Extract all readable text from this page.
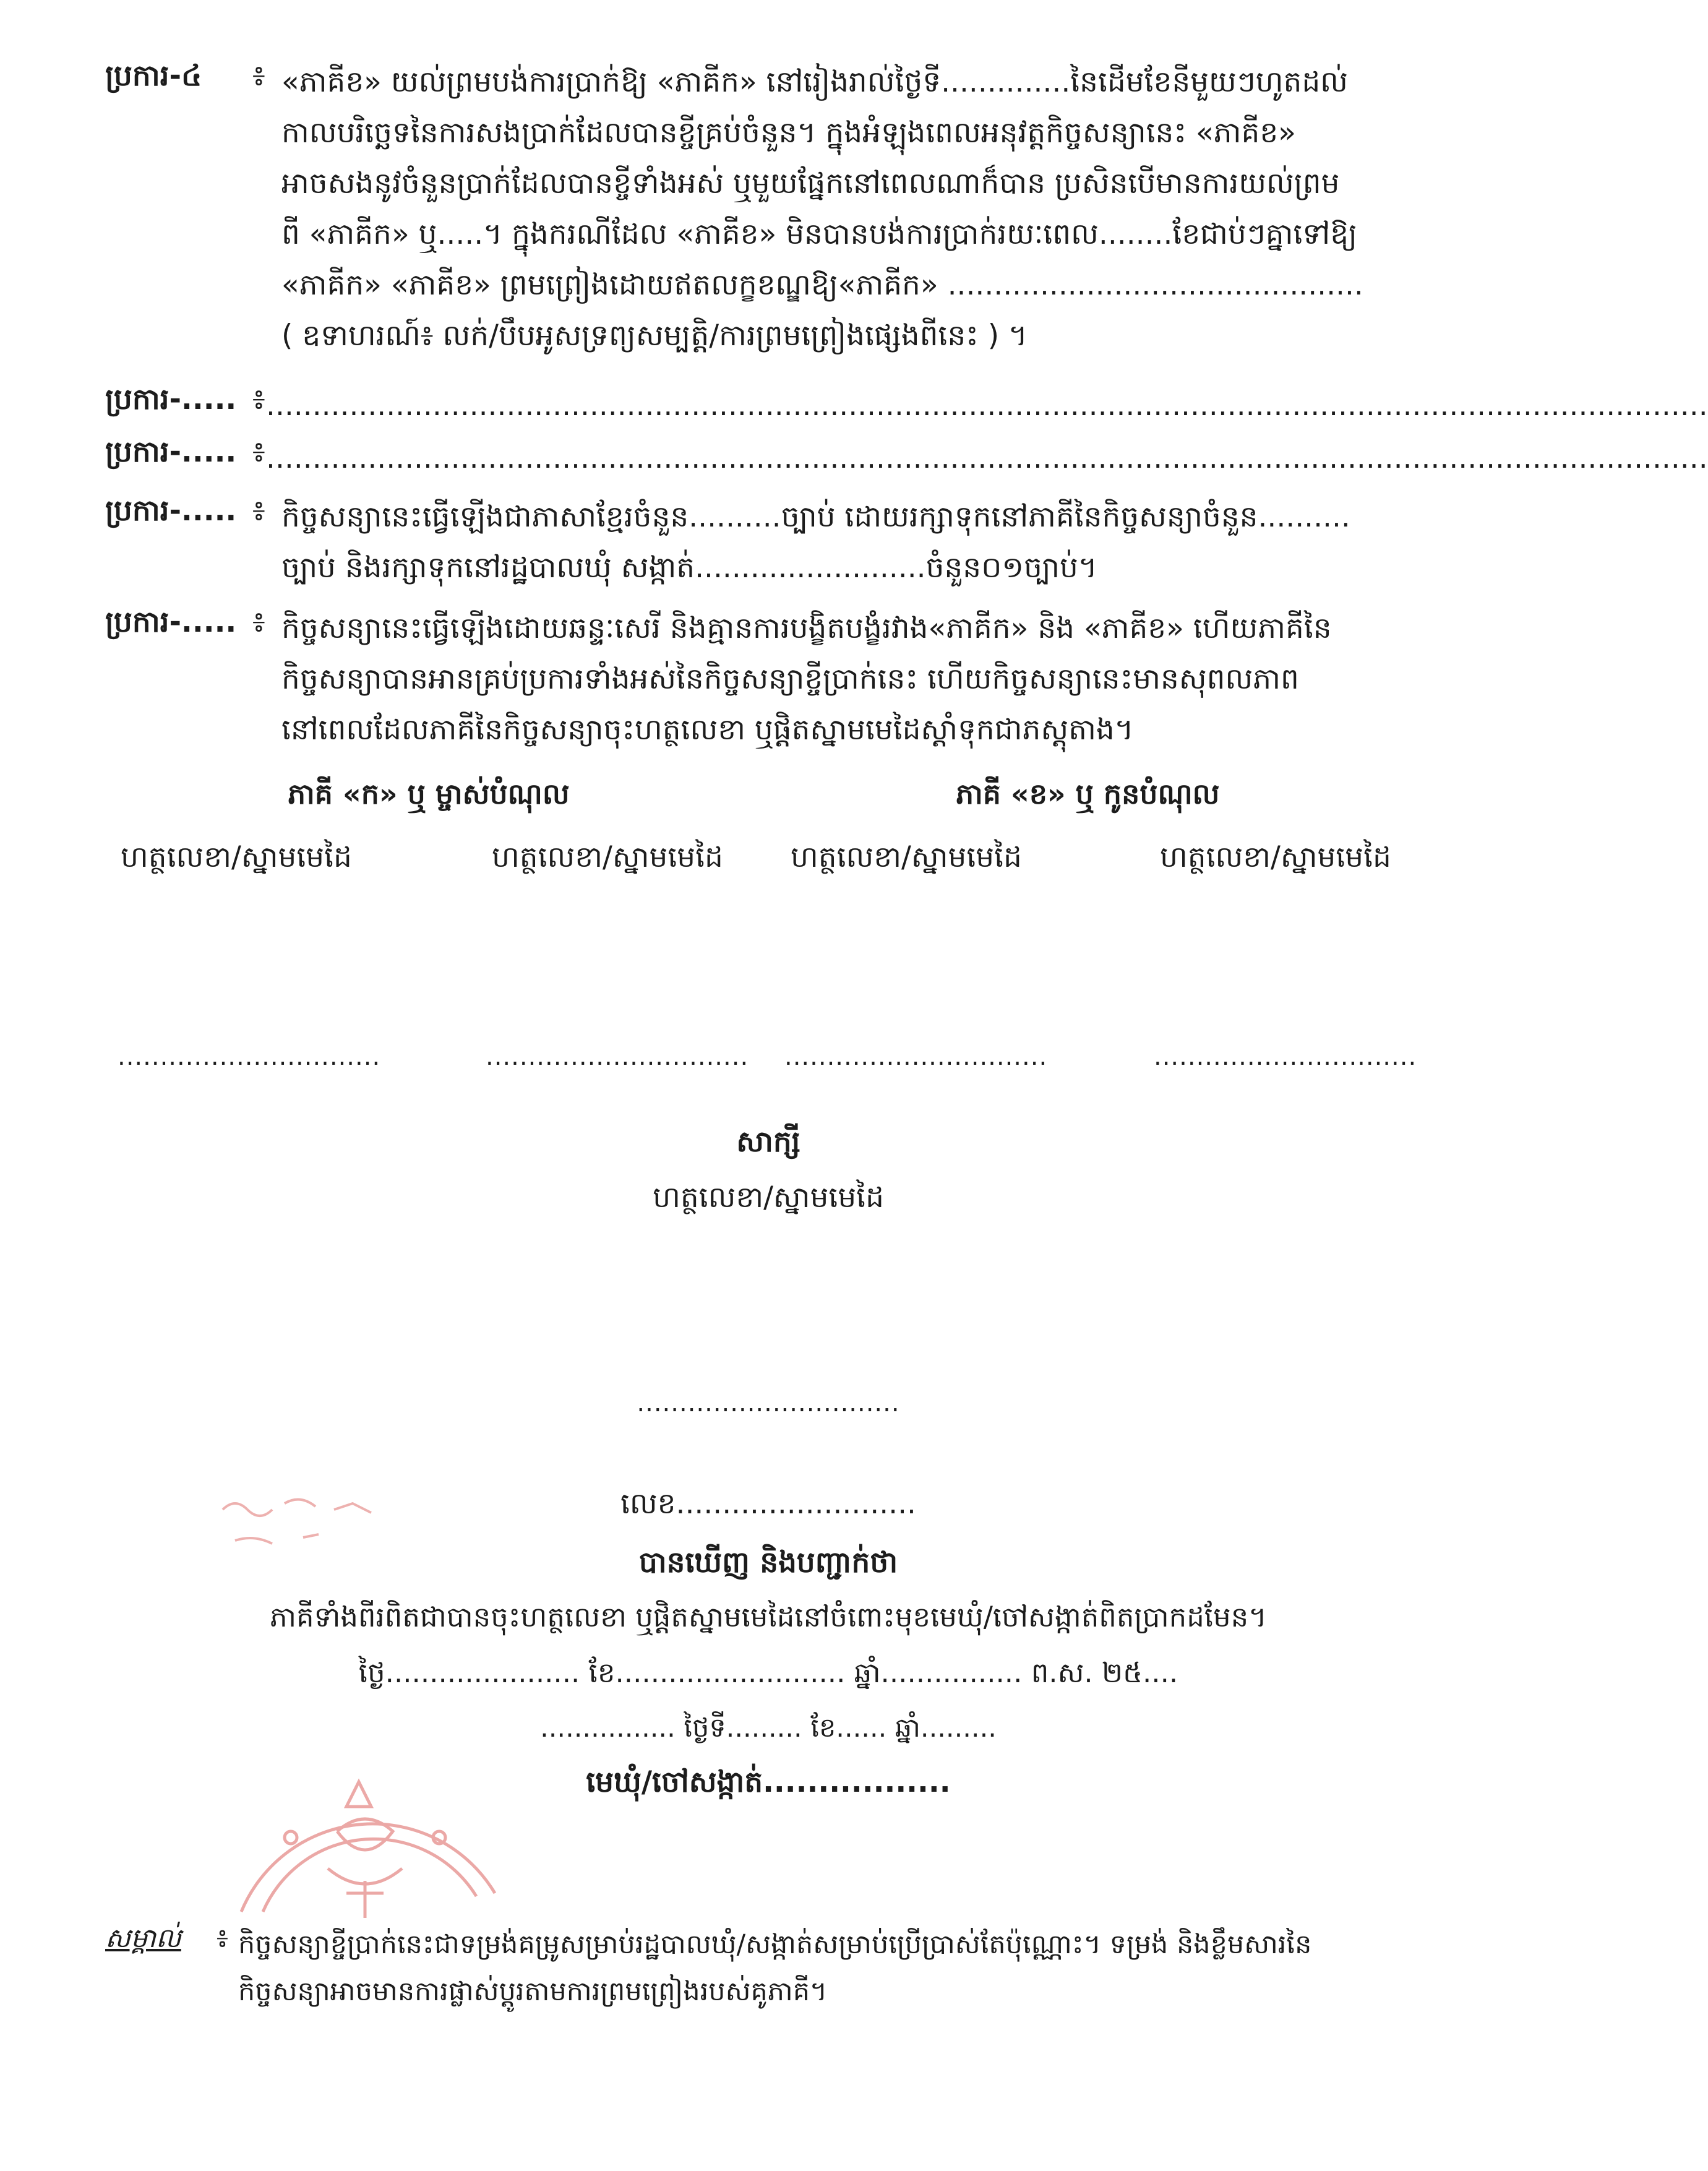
ប្រការ-៤	៖ «ភាគីខ» យល់ព្រមបង់ការប្រាក់ឱ្យ «ភាគីក» នៅរៀងរាល់ថ្ងៃទី..............នៃដើមខែនីមួយៗហូតដល់
កាលបរិច្ឆេទនៃការសងប្រាក់ដែលបានខ្ចីគ្រប់ចំនួន។ ក្នុងអំឡុងពេលអនុវត្តកិច្ចសន្យានេះ «ភាគីខ»
អាចសងនូវចំនួនប្រាក់ដែលបានខ្ចីទាំងអស់ ឬមួយផ្នែកនៅពេលណាក៏បាន ប្រសិនបើមានការយល់ព្រម
ពី «ភាគីក» ឬ.....។ ក្នុងករណីដែល «ភាគីខ» មិនបានបង់ការប្រាក់រយៈពេល........ខែជាប់ៗគ្នាទៅឱ្យ
«ភាគីក» «ភាគីខ» ព្រមព្រៀងដោយឥតលក្ខខណ្ឌឱ្យ«ភាគីក» .............................................
( ឧទាហរណ៍៖ លក់/បឹបអូសទ្រព្យសម្បត្តិ/ការព្រមព្រៀងផ្សេងពីនេះ ) ។
ប្រការ-..... ៖ ............................................................................................................................................................
ប្រការ-..... ៖ ............................................................................................................................................................
ប្រការ-..... ៖ កិច្ចសន្យានេះធ្វើឡើងជាភាសាខ្មែរចំនួន..........ច្បាប់ ដោយរក្សាទុកនៅភាគីនៃកិច្ចសន្យាចំនួន..........
ច្បាប់ និងរក្សាទុកនៅរដ្ឋបាលឃុំ សង្កាត់.........................ចំនួន០១ច្បាប់។
ប្រការ-..... ៖ កិច្ចសន្យានេះធ្វើឡើងដោយឆន្ទៈសេរី និងគ្មានការបង្ខិតបង្ខំរវាង«ភាគីក» និង «ភាគីខ» ហើយភាគីនៃ
កិច្ចសន្យាបានអានគ្រប់ប្រការទាំងអស់នៃកិច្ចសន្យាខ្ចីប្រាក់នេះ ហើយកិច្ចសន្យានេះមានសុពលភាព
នៅពេលដែលភាគីនៃកិច្ចសន្យាចុះហត្ថលេខា ឬផ្ដិតស្នាមមេដៃស្ដាំទុកជាភស្តុតាង។
ភាគី «ក» ឬ ម្ចាស់បំណុល	ភាគី «ខ» ឬ កូនបំណុល
ហត្ថលេខា/ស្នាមមេដៃ	ហត្ថលេខា/ស្នាមមេដៃ ហត្ថលេខា/ស្នាមមេដៃ	ហត្ថលេខា/ស្នាមមេដៃ
...............................	............................... ...............................	...............................
សាក្សី
ហត្ថលេខា/ស្នាមមេដៃ
...............................
លេខ..........................
បានឃើញ និងបញ្ជាក់ថា
ភាគីទាំងពីរពិតជាបានចុះហត្ថលេខា ឬផ្ដិតស្នាមមេដៃនៅចំពោះមុខមេឃុំ/ចៅសង្កាត់ពិតប្រាកដមែន។
ថ្ងៃ...................... ខែ.......................... ឆ្នាំ................ ព.ស. ២៥....
................ ថ្ងៃទី......... ខែ...... ឆ្នាំ.........
មេឃុំ/ចៅសង្កាត់.................
សម្គាល់ ៖ កិច្ចសន្យាខ្ចីប្រាក់នេះជាទម្រង់គម្រូសម្រាប់រដ្ឋបាលឃុំ/សង្កាត់សម្រាប់ប្រើប្រាស់តែប៉ុណ្ណោះ។ ទម្រង់ និងខ្លឹមសារនៃ
កិច្ចសន្យាអាចមានការផ្លាស់ប្ដូរតាមការព្រមព្រៀងរបស់គូភាគី។
